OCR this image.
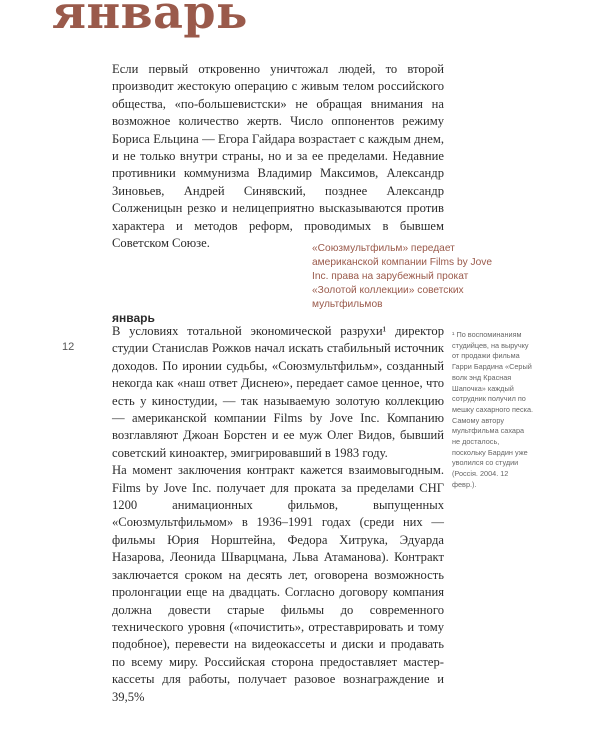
январь

Если первый откровенно уничтожал людей, то второй производит жестокую операцию с живым телом российского общества, «по-большевистски» не обращая внимания на возможное количество жертв. Число оппонентов режиму Бориса Ельцина — Егора Гайдара возрастает с каждым днем, и не только внутри страны, но и за ее пределами. Недавние противники коммунизма Владимир Максимов, Александр Зиновьев, Андрей Синявский, позднее Александр Солженицын резко и нелицеприятно высказываются против характера и методов реформ, проводимых в бывшем Советском Союзе.	«Союзмультфильм» передает американской компании Films by Jove Inc. права на зарубежный прокат «Золотой коллекции» советских мультфильмов

январь

12

В условиях тотальной экономической разрухи¹ директор студии Станислав Рожков начал искать стабильный источник доходов. По иронии судьбы, «Союзмультфильм», созданный некогда как «наш ответ Диснею», передает самое ценное, что есть у киностудии, — так называемую золотую коллекцию — американской компании Films by Jove Inc. Компанию возглавляют Джоан Борстен и ее муж Олег Видов, бывший советский киноактер, эмигрировавший в 1983 году.

На момент заключения контракт кажется взаимовыгодным. Films by Jove Inc. получает для проката за пределами СНГ 1200 анимационных фильмов, выпущенных «Союзмультфильмом» в 1936–1991 годах (среди них — фильмы Юрия Норштейна, Федора Хитрука, Эдуарда Назарова, Леонида Шварцмана, Льва Атаманова). Контракт заключается сроком на десять лет, оговорена возможность пролонгации еще на двадцать. Согласно договору компания должна довести старые фильмы до современного технического уровня («почистить», отреставрировать и тому подобное), перевести на видеокассеты и диски и продавать по всему миру. Российская сторона предоставляет мастер-кассеты для работы, получает разовое вознаграждение и 39,5%

¹ По воспоминаниям студийцев, на выручку от продажи фильма Гарри Бардина «Серый волк энд Красная Шапочка» каждый сотрудник получил по мешку сахарного песка. Самому автору мультфильма сахара не досталось, поскольку Бардин уже уволился со студии (Россія. 2004. 12 февр.).
